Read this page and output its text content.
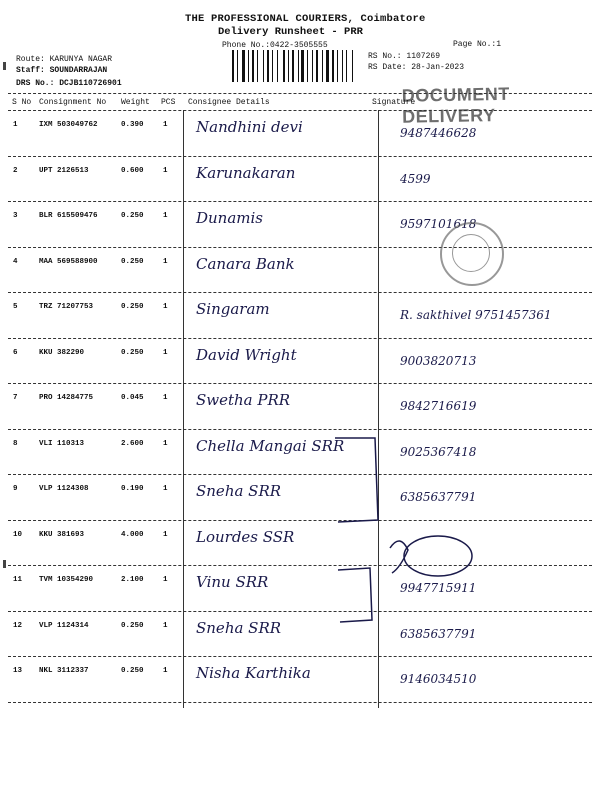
THE PROFESSIONAL COURIERS, Coimbatore
Delivery Runsheet - PRR
Phone No.:0422-3505555	Page No.:1
Route: KARUNYA NAGAR
Staff: SOUNDARRAJAN
DRS No.: DCJB110726901
RS No.: 1107269
RS Date: 28-Jan-2023
DOCUMENT DELIVERY
S No Consignment No Weight PCS Consignee Details	Signature
1	IXM 503049762	0.390	1 Nandhini devi	9487446628
2	UPT 2126513	0.600	1 Karunakaran	4599
3	BLR 615509476	0.250	1 Dunamis	9597101618
4	MAA 569588900	0.250	1 Canara Bank
5	TRZ 71207753	0.250	1 Singaram	R. sakthivel 9751457361
6	KKU 382290	0.250	1 David Wright	9003820713
7	PRO 14284775	0.045	1 Swetha PRR	9842716619
8	VLI 110313	2.600	1 Chella Mangai SRR	9025367418
9	VLP 1124308	0.190	1 Sneha SRR	6385637791
10 KKU 381693	4.000	1 Lourdes SSR
11 TVM 10354290	2.100	1 Vinu SRR	9947715911
12 VLP 1124314	0.250	1 Sneha SRR	6385637791
13 NKL 3112337	0.250	1 Nisha Karthika	9146034510
